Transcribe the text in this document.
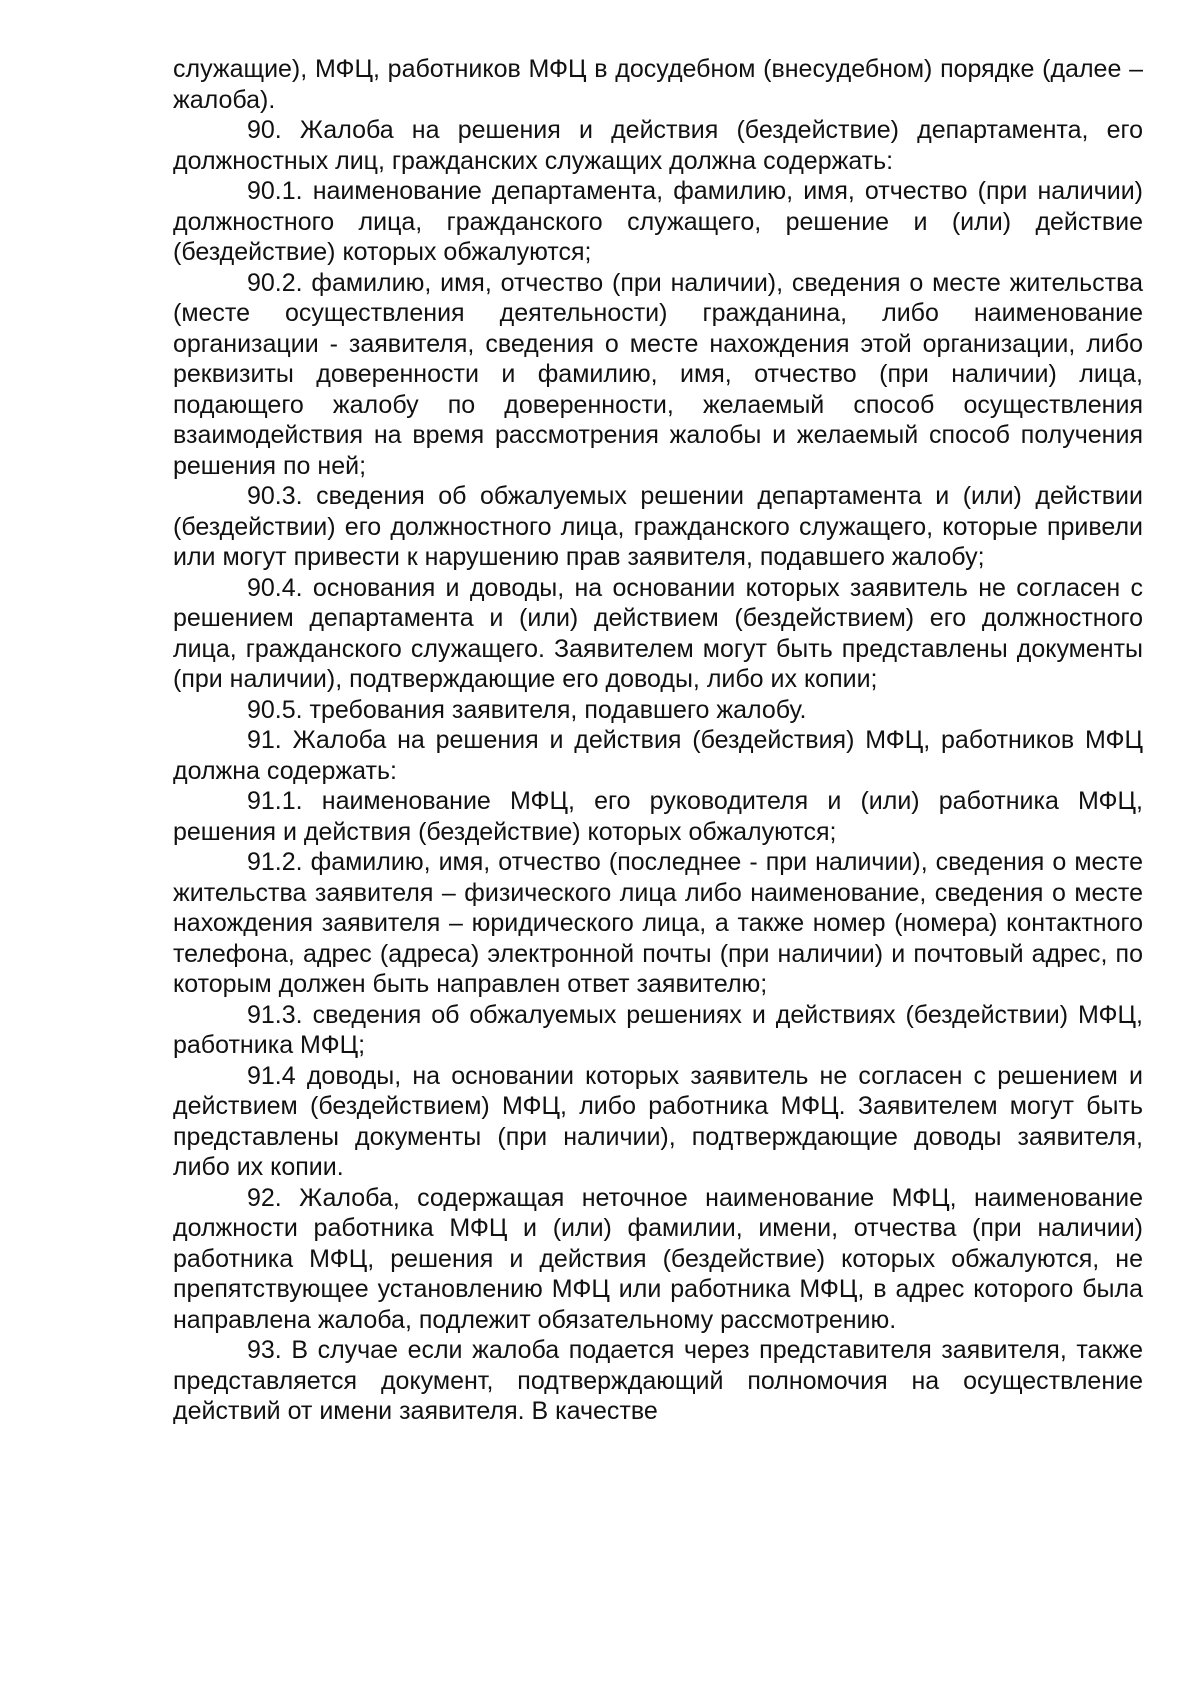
служащие), МФЦ, работников МФЦ в досудебном (внесудебном) порядке (далее – жалоба).

90. Жалоба на решения и действия (бездействие) департамента, его должностных лиц, гражданских служащих должна содержать:

90.1. наименование департамента, фамилию, имя, отчество (при наличии) должностного лица, гражданского служащего, решение и (или) действие (бездействие) которых обжалуются;

90.2. фамилию, имя, отчество (при наличии), сведения о месте жительства (месте осуществления деятельности) гражданина, либо наименование организации - заявителя, сведения о месте нахождения этой организации, либо реквизиты доверенности и фамилию, имя, отчество (при наличии) лица, подающего жалобу по доверенности, желаемый способ осуществления взаимодействия на время рассмотрения жалобы и желаемый способ получения решения по ней;

90.3. сведения об обжалуемых решении департамента и (или) действии (бездействии) его должностного лица, гражданского служащего, которые привели или могут привести к нарушению прав заявителя, подавшего жалобу;

90.4. основания и доводы, на основании которых заявитель не согласен с решением департамента и (или) действием (бездействием) его должностного лица, гражданского служащего. Заявителем могут быть представлены документы (при наличии), подтверждающие его доводы, либо их копии;

90.5. требования заявителя, подавшего жалобу.

91. Жалоба на решения и действия (бездействия) МФЦ, работников МФЦ должна содержать:

91.1. наименование МФЦ, его руководителя и (или) работника МФЦ, решения и действия (бездействие) которых обжалуются;

91.2. фамилию, имя, отчество (последнее - при наличии), сведения о месте жительства заявителя – физического лица либо наименование, сведения о месте нахождения заявителя – юридического лица, а также номер (номера) контактного телефона, адрес (адреса) электронной почты (при наличии) и почтовый адрес, по которым должен быть направлен ответ заявителю;

91.3. сведения об обжалуемых решениях и действиях (бездействии) МФЦ, работника МФЦ;

91.4 доводы, на основании которых заявитель не согласен с решением и действием (бездействием) МФЦ, либо работника МФЦ. Заявителем могут быть представлены документы (при наличии), подтверждающие доводы заявителя, либо их копии.

92. Жалоба, содержащая неточное наименование МФЦ, наименование должности работника МФЦ и (или) фамилии, имени, отчества (при наличии) работника МФЦ, решения и действия (бездействие) которых обжалуются, не препятствующее установлению МФЦ или работника МФЦ, в адрес которого была направлена жалоба, подлежит обязательному рассмотрению.

93. В случае если жалоба подается через представителя заявителя, также представляется документ, подтверждающий полномочия на осуществление действий от имени заявителя. В качестве
